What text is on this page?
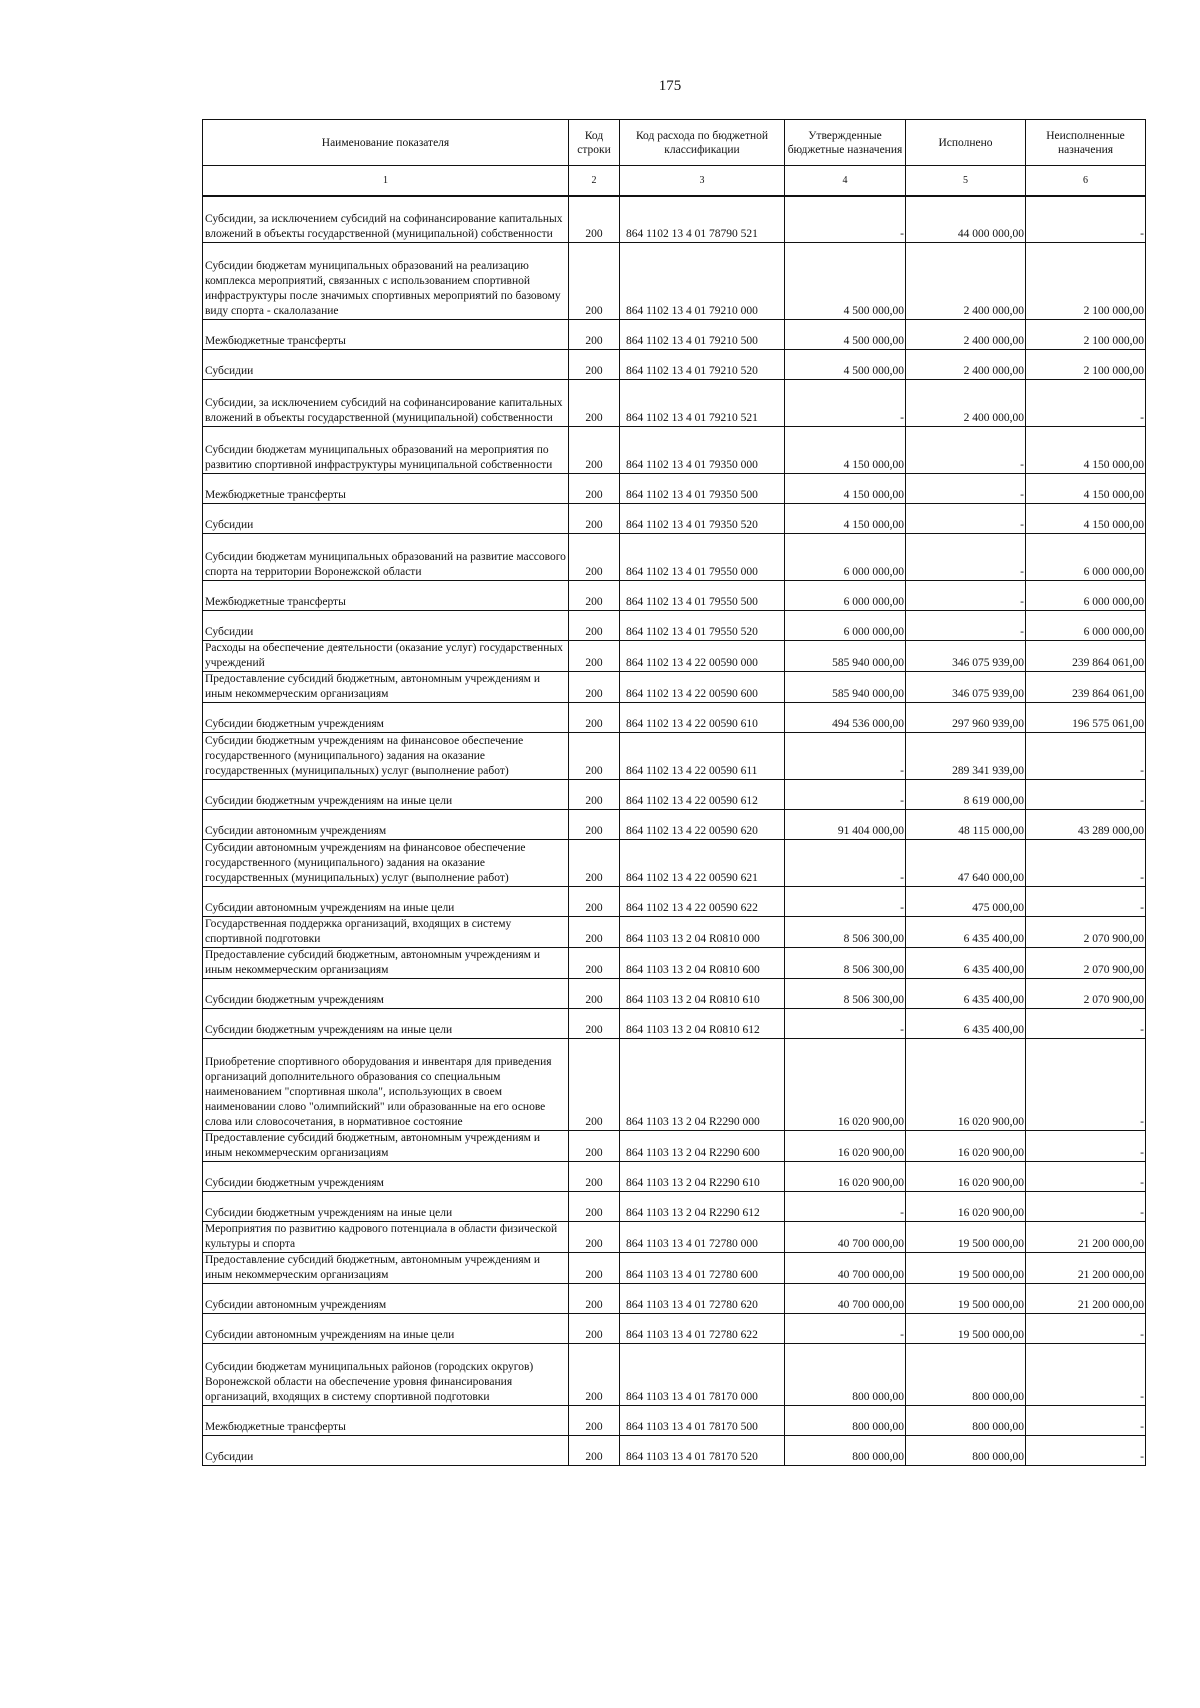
175
Наименование показателя	Код строки	Код расхода по бюджетной классификации	Утвержденные бюджетные назначения	Исполнено	Неисполненные назначения
1	2	3	4	5	6
Субсидии, за исключением субсидий на софинансирование капитальных вложений в объекты государственной (муниципальной) собственности	200	864 1102 13 4 01 78790 521	-	44 000 000,00	-
Субсидии бюджетам муниципальных образований на реализацию комплекса мероприятий, связанных с использованием спортивной инфраструктуры после значимых спортивных мероприятий по базовому виду спорта - скалолазание	200	864 1102 13 4 01 79210 000	4 500 000,00	2 400 000,00	2 100 000,00
Межбюджетные трансферты	200	864 1102 13 4 01 79210 500	4 500 000,00	2 400 000,00	2 100 000,00
Субсидии	200	864 1102 13 4 01 79210 520	4 500 000,00	2 400 000,00	2 100 000,00
Субсидии, за исключением субсидий на софинансирование капитальных вложений в объекты государственной (муниципальной) собственности	200	864 1102 13 4 01 79210 521	-	2 400 000,00	-
Субсидии бюджетам муниципальных образований на мероприятия по развитию спортивной инфраструктуры муниципальной собственности	200	864 1102 13 4 01 79350 000	4 150 000,00	-	4 150 000,00
Межбюджетные трансферты	200	864 1102 13 4 01 79350 500	4 150 000,00	-	4 150 000,00
Субсидии	200	864 1102 13 4 01 79350 520	4 150 000,00	-	4 150 000,00
Субсидии бюджетам муниципальных образований на развитие массового спорта на территории Воронежской области	200	864 1102 13 4 01 79550 000	6 000 000,00	-	6 000 000,00
Межбюджетные трансферты	200	864 1102 13 4 01 79550 500	6 000 000,00	-	6 000 000,00
Субсидии	200	864 1102 13 4 01 79550 520	6 000 000,00	-	6 000 000,00
Расходы на обеспечение деятельности (оказание услуг) государственных учреждений	200	864 1102 13 4 22 00590 000	585 940 000,00	346 075 939,00	239 864 061,00
Предоставление субсидий бюджетным, автономным учреждениям и иным некоммерческим организациям	200	864 1102 13 4 22 00590 600	585 940 000,00	346 075 939,00	239 864 061,00
Субсидии бюджетным учреждениям	200	864 1102 13 4 22 00590 610	494 536 000,00	297 960 939,00	196 575 061,00
Субсидии бюджетным учреждениям на финансовое обеспечение государственного (муниципального) задания на оказание государственных (муниципальных) услуг (выполнение работ)	200	864 1102 13 4 22 00590 611	-	289 341 939,00	-
Субсидии бюджетным учреждениям на иные цели	200	864 1102 13 4 22 00590 612	-	8 619 000,00	-
Субсидии автономным учреждениям	200	864 1102 13 4 22 00590 620	91 404 000,00	48 115 000,00	43 289 000,00
Субсидии автономным учреждениям на финансовое обеспечение государственного (муниципального) задания на оказание государственных (муниципальных) услуг (выполнение работ)	200	864 1102 13 4 22 00590 621	-	47 640 000,00	-
Субсидии автономным учреждениям на иные цели	200	864 1102 13 4 22 00590 622	-	475 000,00	-
Государственная поддержка организаций, входящих в систему спортивной подготовки	200	864 1103 13 2 04 R0810 000	8 506 300,00	6 435 400,00	2 070 900,00
Предоставление субсидий бюджетным, автономным учреждениям и иным некоммерческим организациям	200	864 1103 13 2 04 R0810 600	8 506 300,00	6 435 400,00	2 070 900,00
Субсидии бюджетным учреждениям	200	864 1103 13 2 04 R0810 610	8 506 300,00	6 435 400,00	2 070 900,00
Субсидии бюджетным учреждениям на иные цели	200	864 1103 13 2 04 R0810 612	-	6 435 400,00	-
Приобретение спортивного оборудования и инвентаря для приведения организаций дополнительного образования со специальным наименованием "спортивная школа", использующих в своем наименовании слово "олимпийский" или образованные на его основе слова или словосочетания, в нормативное состояние	200	864 1103 13 2 04 R2290 000	16 020 900,00	16 020 900,00	-
Предоставление субсидий бюджетным, автономным учреждениям и иным некоммерческим организациям	200	864 1103 13 2 04 R2290 600	16 020 900,00	16 020 900,00	-
Субсидии бюджетным учреждениям	200	864 1103 13 2 04 R2290 610	16 020 900,00	16 020 900,00	-
Субсидии бюджетным учреждениям на иные цели	200	864 1103 13 2 04 R2290 612	-	16 020 900,00	-
Мероприятия по развитию кадрового потенциала в области физической культуры и спорта	200	864 1103 13 4 01 72780 000	40 700 000,00	19 500 000,00	21 200 000,00
Предоставление субсидий бюджетным, автономным учреждениям и иным некоммерческим организациям	200	864 1103 13 4 01 72780 600	40 700 000,00	19 500 000,00	21 200 000,00
Субсидии автономным учреждениям	200	864 1103 13 4 01 72780 620	40 700 000,00	19 500 000,00	21 200 000,00
Субсидии автономным учреждениям на иные цели	200	864 1103 13 4 01 72780 622	-	19 500 000,00	-
Субсидии бюджетам муниципальных районов (городских округов) Воронежской области на обеспечение уровня финансирования организаций, входящих в систему спортивной подготовки	200	864 1103 13 4 01 78170 000	800 000,00	800 000,00	-
Межбюджетные трансферты	200	864 1103 13 4 01 78170 500	800 000,00	800 000,00	-
Субсидии	200	864 1103 13 4 01 78170 520	800 000,00	800 000,00	-
